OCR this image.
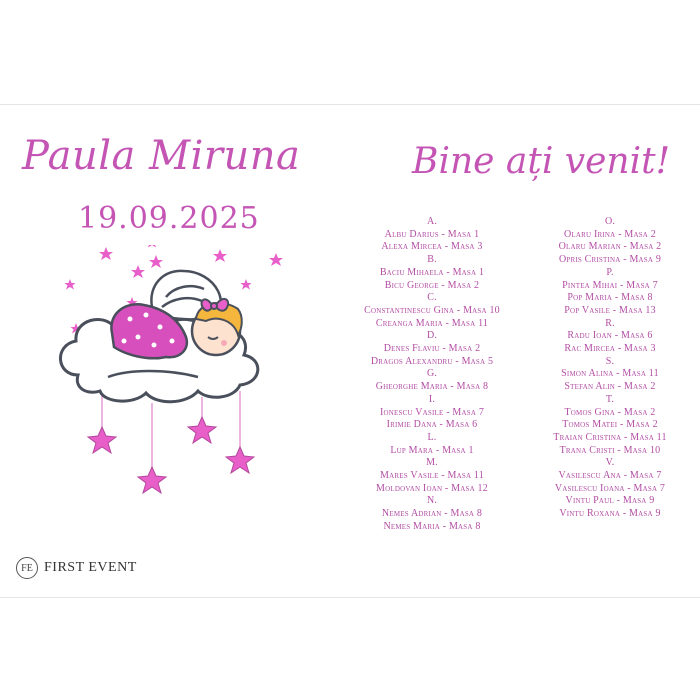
Paula Miruna
19.09.2025
Bine ați venit!
A.
Albu Darius - Masa 1
Alexa Mircea - Masa 3
B.
Baciu Mihaela - Masa 1
Bicu George - Masa 2
C.
Constantinescu Gina - Masa 10
Creanga Maria - Masa 11
D.
Denes Flaviu - Masa 2
Dragos Alexandru - Masa 5
G.
Gheorghe Maria - Masa 8
I.
Ionescu Vasile - Masa 7
Irimie Dana - Masa 6
L.
Lup Mara - Masa 1
M.
Mares Vasile - Masa 11
Moldovan Ioan - Masa 12
N.
Nemes Adrian - Masa 8
Nemes Maria - Masa 8
O.
Olaru Irina - Masa 2
Olaru Marian - Masa 2
Opris Cristina - Masa 9
P.
Pintea Mihai - Masa 7
Pop Maria - Masa 8
Pop Vasile - Masa 13
R.
Radu Ioan - Masa 6
Rac Mircea - Masa 3
S.
Simon Alina - Masa 11
Stefan Alin - Masa 2
T.
Tomos Gina - Masa 2
Tomos Matei - Masa 2
Traian Cristina - Masa 11
Trana Cristi - Masa 10
V.
Vasilescu Ana - Masa 7
Vasilescu Ioana - Masa 7
Vintu Paul - Masa 9
Vintu Roxana - Masa 9
FE FIRST EVENT
